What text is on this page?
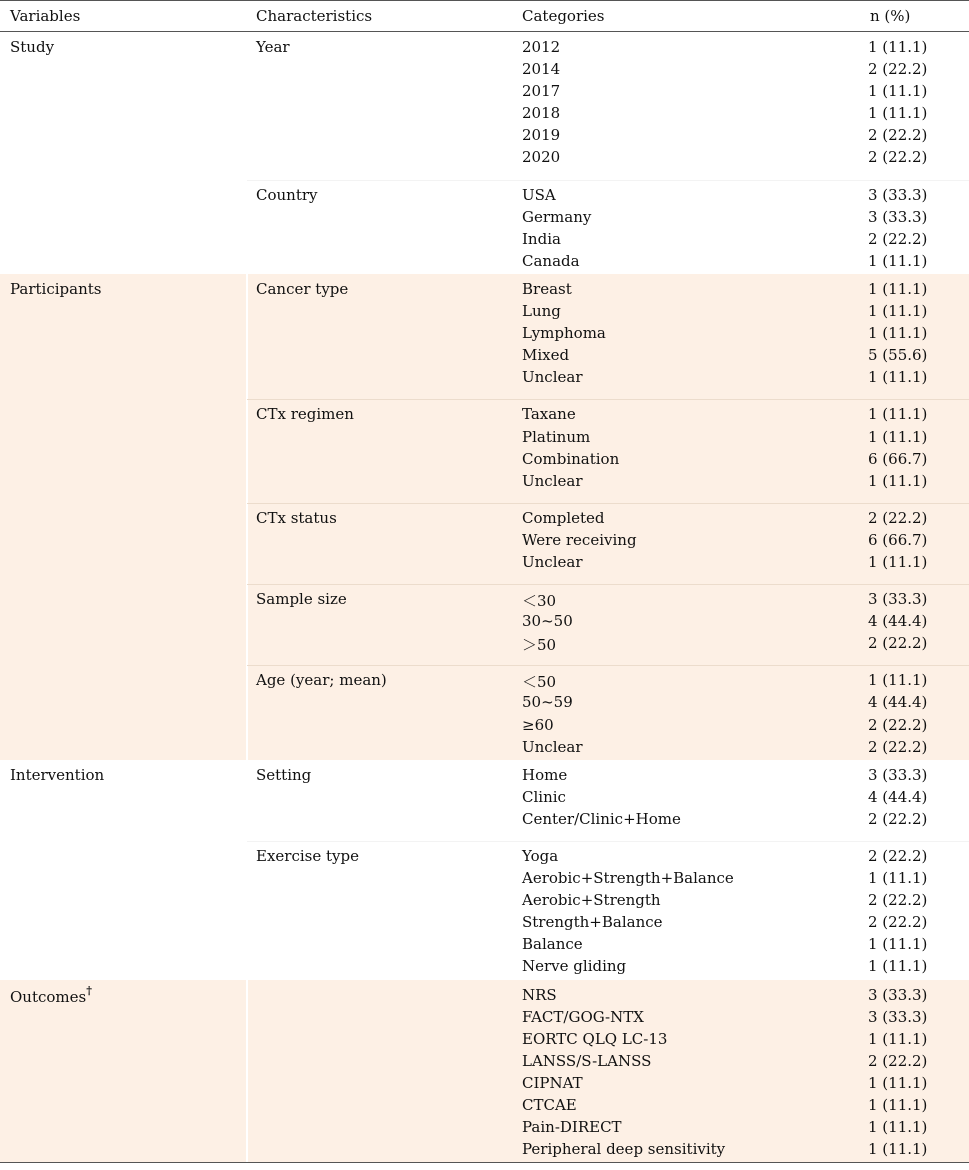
Variables	Characteristics	Categories	n (%)
Study	Year	2012	1 (11.1)
2014	2 (22.2)
2017	1 (11.1)
2018	1 (11.1)
2019	2 (22.2)
2020	2 (22.2)
Country	USA	3 (33.3)
Germany	3 (33.3)
India	2 (22.2)
Canada	1 (11.1)
Participants	Cancer type	Breast	1 (11.1)
Lung	1 (11.1)
Lymphoma	1 (11.1)
Mixed	5 (55.6)
Unclear	1 (11.1)
CTx regimen	Taxane	1 (11.1)
Platinum	1 (11.1)
Combination	6 (66.7)
Unclear	1 (11.1)
CTx status	Completed	2 (22.2)
Were receiving	6 (66.7)
Unclear	1 (11.1)
Sample size	＜30	3 (33.3)
30~50	4 (44.4)
＞50	2 (22.2)
Age (year; mean)	＜50	1 (11.1)
50~59	4 (44.4)
≥60	2 (22.2)
Unclear	2 (22.2)
Intervention	Setting	Home	3 (33.3)
Clinic	4 (44.4)
Center/Clinic+Home	2 (22.2)
Exercise type	Yoga	2 (22.2)
Aerobic+Strength+Balance	1 (11.1)
Aerobic+Strength	2 (22.2)
Strength+Balance	2 (22.2)
Balance	1 (11.1)
Nerve gliding	1 (11.1)
Outcomes†	NRS	3 (33.3)
FACT/GOG-NTX	3 (33.3)
EORTC QLQ LC-13	1 (11.1)
LANSS/S-LANSS	2 (22.2)
CIPNAT	1 (11.1)
CTCAE	1 (11.1)
Pain-DIRECT	1 (11.1)
Peripheral deep sensitivity	1 (11.1)
